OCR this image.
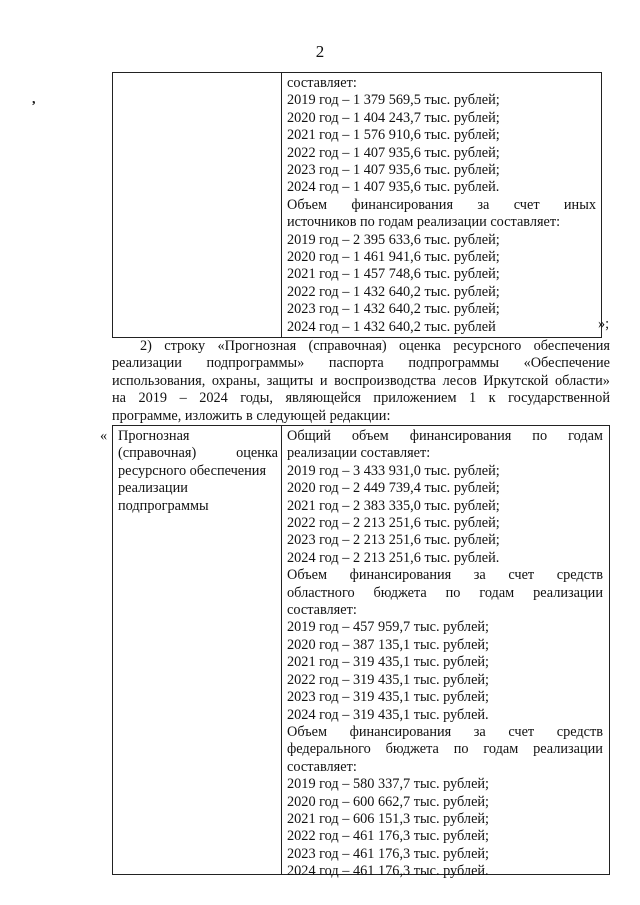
2
,
составляет:
2019 год – 1 379 569,5 тыс. рублей;
2020 год – 1 404 243,7 тыс. рублей;
2021 год – 1 576 910,6 тыс. рублей;
2022 год – 1 407 935,6 тыс. рублей;
2023 год – 1 407 935,6 тыс. рублей;
2024 год – 1 407 935,6 тыс. рублей.
Объем финансирования за счет иных
источников по годам реализации составляет:
2019 год – 2 395 633,6 тыс. рублей;
2020 год – 1 461 941,6 тыс. рублей;
2021 год – 1 457 748,6 тыс. рублей;
2022 год – 1 432 640,2 тыс. рублей;
2023 год – 1 432 640,2 тыс. рублей;
2024 год – 1 432 640,2 тыс. рублей	»;
2) строку «Прогнозная (справочная) оценка ресурсного обеспечения
реализации подпрограммы» паспорта подпрограммы «Обеспечение
использования, охраны, защиты и воспроизводства лесов Иркутской области»
на 2019 – 2024 годы, являющейся приложением 1 к государственной
программе, изложить в следующей редакции:
« Прогнозная
(справочная)	оценка
ресурсного обеспечения
реализации
подпрограммы
Общий объем финансирования по годам
реализации составляет:
2019 год – 3 433 931,0 тыс. рублей;
2020 год – 2 449 739,4 тыс. рублей;
2021 год – 2 383 335,0 тыс. рублей;
2022 год – 2 213 251,6 тыс. рублей;
2023 год – 2 213 251,6 тыс. рублей;
2024 год – 2 213 251,6 тыс. рублей.
Объем финансирования за счет средств
областного бюджета по годам реализации
составляет:
2019 год – 457 959,7 тыс. рублей;
2020 год – 387 135,1 тыс. рублей;
2021 год – 319 435,1 тыс. рублей;
2022 год – 319 435,1 тыс. рублей;
2023 год – 319 435,1 тыс. рублей;
2024 год – 319 435,1 тыс. рублей.
Объем финансирования за счет средств
федерального бюджета по годам реализации
составляет:
2019 год – 580 337,7 тыс. рублей;
2020 год – 600 662,7 тыс. рублей;
2021 год – 606 151,3 тыс. рублей;
2022 год – 461 176,3 тыс. рублей;
2023 год – 461 176,3 тыс. рублей;
2024 год – 461 176,3 тыс. рублей.
